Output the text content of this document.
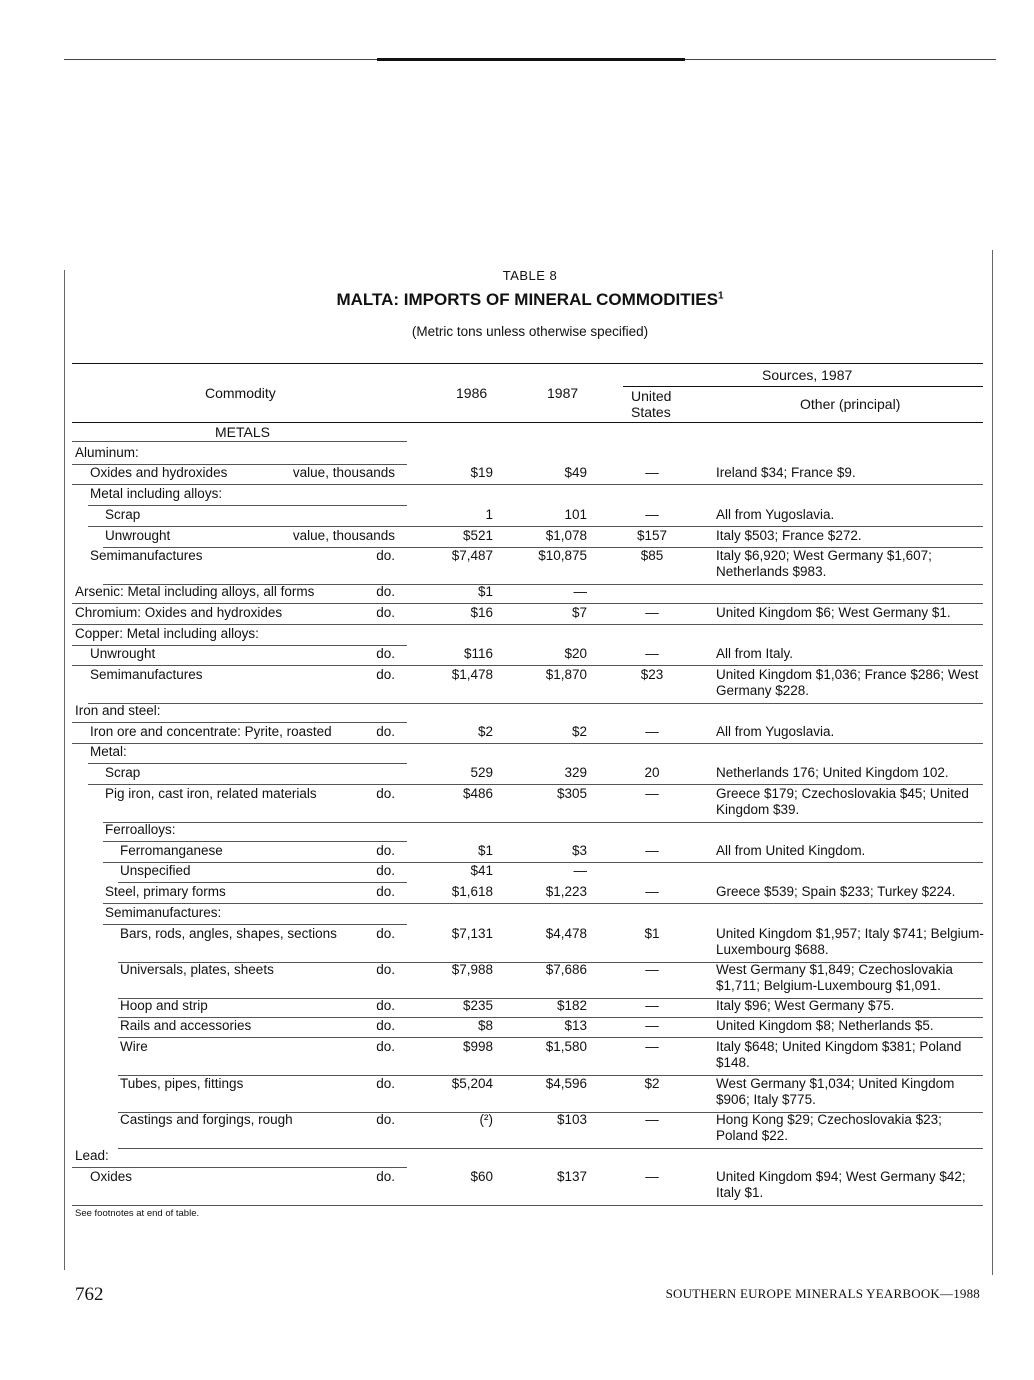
TABLE 8
MALTA: IMPORTS OF MINERAL COMMODITIES$^1$
(Metric tons unless otherwise specified)
Commodity	1986	1987
Sources, 1987
United States	Other (principal)
METALS
Aluminum:
Oxides and hydroxides	value, thousands	$19	$49	—	Ireland $34; France $9.
Metal including alloys:
Scrap	1	101	—	All from Yugoslavia.
Unwrought	value, thousands	$521	$1,078	$157	Italy $503; France $272.
Semimanufactures	do.	$7,487	$10,875	$85	Italy $6,920; West Germany $1,607; Netherlands $983.
Arsenic: Metal including alloys, all forms	do.	$1	—
Chromium: Oxides and hydroxides	do.	$16	$7	—	United Kingdom $6; West Germany $1.
Copper: Metal including alloys:
Unwrought	do.	$116	$20	—	All from Italy.
Semimanufactures	do.	$1,478	$1,870	$23	United Kingdom $1,036; France $286; West Germany $228.
Iron and steel:
Iron ore and concentrate: Pyrite, roasted	do.	$2	$2	—	All from Yugoslavia.
Metal:
Scrap	529	329	20	Netherlands 176; United Kingdom 102.
Pig iron, cast iron, related materials	do.	$486	$305	—	Greece $179; Czechoslovakia $45; United Kingdom $39.
Ferroalloys:
Ferromanganese	do.	$1	$3	—	All from United Kingdom.
Unspecified	do.	$41	—
Steel, primary forms	do.	$1,618	$1,223	—	Greece $539; Spain $233; Turkey $224.
Semimanufactures:
Bars, rods, angles, shapes, sections	do.	$7,131	$4,478	$1	United Kingdom $1,957; Italy $741; Belgium-Luxembourg $688.
Universals, plates, sheets	do.	$7,988	$7,686	—	West Germany $1,849; Czechoslovakia $1,711; Belgium-Luxembourg $1,091.
Hoop and strip	do.	$235	$182	—	Italy $96; West Germany $75.
Rails and accessories	do.	$8	$13	—	United Kingdom $8; Netherlands $5.
Wire	do.	$998	$1,580	—	Italy $648; United Kingdom $381; Poland $148.
Tubes, pipes, fittings	do.	$5,204	$4,596	$2	West Germany $1,034; United Kingdom $906; Italy $775.
Castings and forgings, rough	do.	(²)	$103	—	Hong Kong $29; Czechoslovakia $23; Poland $22.
Lead:
Oxides	do.	$60	$137	—	United Kingdom $94; West Germany $42; Italy $1.
See footnotes at end of table.
762	SOUTHERN EUROPE MINERALS YEARBOOK—1988
